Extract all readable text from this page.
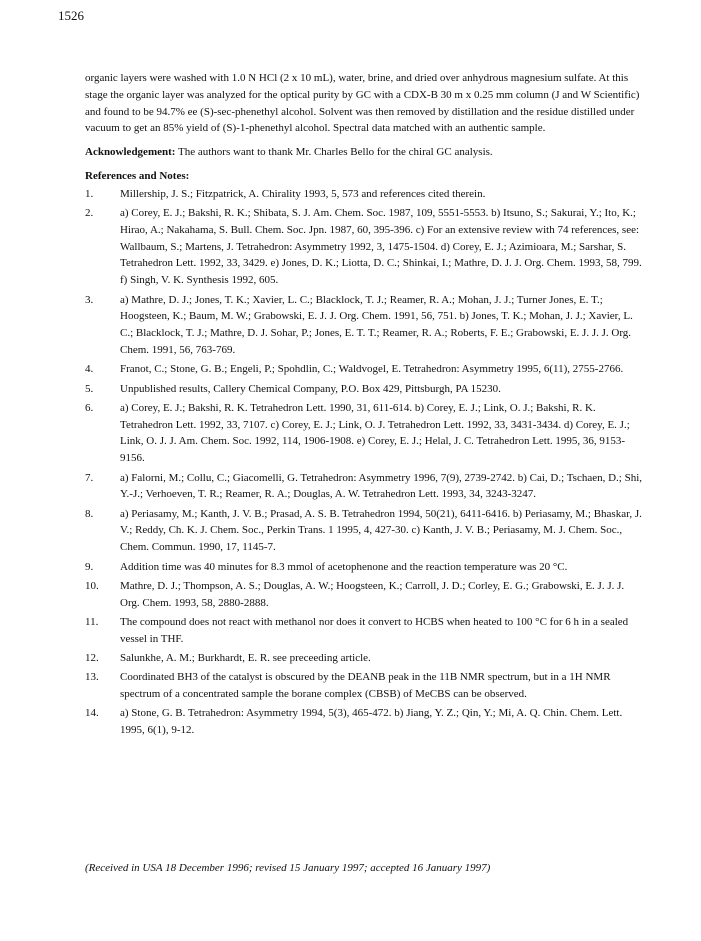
1526

organic layers were washed with 1.0 N HCl (2 x 10 mL), water, brine, and dried over anhydrous magnesium sulfate. At this stage the organic layer was analyzed for the optical purity by GC with a CDX-B 30 m x 0.25 mm column (J and W Scientific) and found to be 94.7% ee (S)-sec-phenethyl alcohol. Solvent was then removed by distillation and the residue distilled under vacuum to get an 85% yield of (S)-1-phenethyl alcohol. Spectral data matched with an authentic sample.

Acknowledgement: The authors want to thank Mr. Charles Bello for the chiral GC analysis.

References and Notes:
1. Millership, J. S.; Fitzpatrick, A. Chirality 1993, 5, 573 and references cited therein.
2. a) Corey, E. J.; Bakshi, R. K.; Shibata, S. J. Am. Chem. Soc. 1987, 109, 5551-5553. b) Itsuno, S.; Sakurai, Y.; Ito, K.; Hirao, A.; Nakahama, S. Bull. Chem. Soc. Jpn. 1987, 60, 395-396. c) For an extensive review with 74 references, see: Wallbaum, S.; Martens, J. Tetrahedron: Asymmetry 1992, 3, 1475-1504. d) Corey, E. J.; Azimioara, M.; Sarshar, S. Tetrahedron Lett. 1992, 33, 3429. e) Jones, D. K.; Liotta, D. C.; Shinkai, I.; Mathre, D. J. J. Org. Chem. 1993, 58, 799. f) Singh, V. K. Synthesis 1992, 605.
3. a) Mathre, D. J.; Jones, T. K.; Xavier, L. C.; Blacklock, T. J.; Reamer, R. A.; Mohan, J. J.; Turner Jones, E. T.; Hoogsteen, K.; Baum, M. W.; Grabowski, E. J. J. Org. Chem. 1991, 56, 751. b) Jones, T. K.; Mohan, J. J.; Xavier, L. C.; Blacklock, T. J.; Mathre, D. J. Sohar, P.; Jones, E. T. T.; Reamer, R. A.; Roberts, F. E.; Grabowski, E. J. J. J. Org. Chem. 1991, 56, 763-769.
4. Franot, C.; Stone, G. B.; Engeli, P.; Spohdlin, C.; Waldvogel, E. Tetrahedron: Asymmetry 1995, 6(11), 2755-2766.
5. Unpublished results, Callery Chemical Company, P.O. Box 429, Pittsburgh, PA 15230.
6. a) Corey, E. J.; Bakshi, R. K. Tetrahedron Lett. 1990, 31, 611-614. b) Corey, E. J.; Link, O. J.; Bakshi, R. K. Tetrahedron Lett. 1992, 33, 7107. c) Corey, E. J.; Link, O. J. Tetrahedron Lett. 1992, 33, 3431-3434. d) Corey, E. J.; Link, O. J. J. Am. Chem. Soc. 1992, 114, 1906-1908. e) Corey, E. J.; Helal, J. C. Tetrahedron Lett. 1995, 36, 9153-9156.
7. a) Falorni, M.; Collu, C.; Giacomelli, G. Tetrahedron: Asymmetry 1996, 7(9), 2739-2742. b) Cai, D.; Tschaen, D.; Shi, Y.-J.; Verhoeven, T. R.; Reamer, R. A.; Douglas, A. W. Tetrahedron Lett. 1993, 34, 3243-3247.
8. a) Periasamy, M.; Kanth, J. V. B.; Prasad, A. S. B. Tetrahedron 1994, 50(21), 6411-6416. b) Periasamy, M.; Bhaskar, J. V.; Reddy, Ch. K. J. Chem. Soc., Perkin Trans. 1 1995, 4, 427-30. c) Kanth, J. V. B.; Periasamy, M. J. Chem. Soc., Chem. Commun. 1990, 17, 1145-7.
9. Addition time was 40 minutes for 8.3 mmol of acetophenone and the reaction temperature was 20 °C.
10. Mathre, D. J.; Thompson, A. S.; Douglas, A. W.; Hoogsteen, K.; Carroll, J. D.; Corley, E. G.; Grabowski, E. J. J. J. Org. Chem. 1993, 58, 2880-2888.
11. The compound does not react with methanol nor does it convert to HCBS when heated to 100 °C for 6 h in a sealed vessel in THF.
12. Salunkhe, A. M.; Burkhardt, E. R. see preceeding article.
13. Coordinated BH3 of the catalyst is obscured by the DEANB peak in the 11B NMR spectrum, but in a 1H NMR spectrum of a concentrated sample the borane complex (CBSB) of MeCBS can be observed.
14. a) Stone, G. B. Tetrahedron: Asymmetry 1994, 5(3), 465-472. b) Jiang, Y. Z.; Qin, Y.; Mi, A. Q. Chin. Chem. Lett. 1995, 6(1), 9-12.
(Received in USA 18 December 1996; revised 15 January 1997; accepted 16 January 1997)
